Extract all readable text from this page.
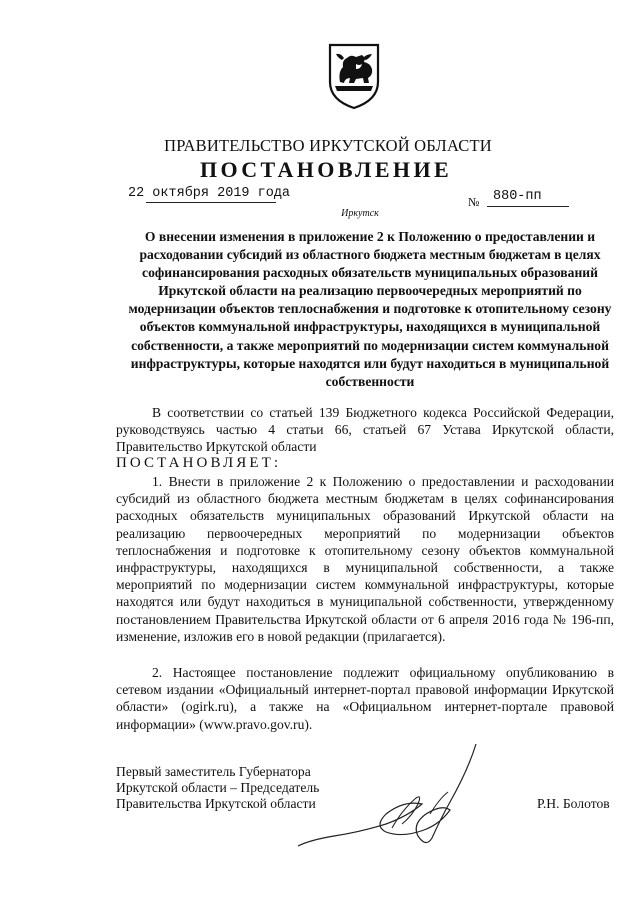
ПРАВИТЕЛЬСТВО ИРКУТСКОЙ ОБЛАСТИ
ПОСТАНОВЛЕНИЕ
22 октября 2019 года
№ 880-пп
Иркутск
О внесении изменения в приложение 2 к Положению о предоставлении и расходовании субсидий из областного бюджета местным бюджетам в целях софинансирования расходных обязательств муниципальных образований Иркутской области на реализацию первоочередных мероприятий по модернизации объектов теплоснабжения и подготовке к отопительному сезону объектов коммунальной инфраструктуры, находящихся в муниципальной собственности, а также мероприятий по модернизации систем коммунальной инфраструктуры, которые находятся или будут находиться в муниципальной собственности
В соответствии со статьей 139 Бюджетного кодекса Российской Федерации, руководствуясь частью 4 статьи 66, статьей 67 Устава Иркутской области, Правительство Иркутской области
ПОСТАНОВЛЯЕТ:
1. Внести в приложение 2 к Положению о предоставлении и расходовании субсидий из областного бюджета местным бюджетам в целях софинансирования расходных обязательств муниципальных образований Иркутской области на реализацию первоочередных мероприятий по модернизации объектов теплоснабжения и подготовке к отопительному сезону объектов коммунальной инфраструктуры, находящихся в муниципальной собственности, а также мероприятий по модернизации систем коммунальной инфраструктуры, которые находятся или будут находиться в муниципальной собственности, утвержденному постановлением Правительства Иркутской области от 6 апреля 2016 года № 196-пп, изменение, изложив его в новой редакции (прилагается).
2. Настоящее постановление подлежит официальному опубликованию в сетевом издании «Официальный интернет-портал правовой информации Иркутской области» (ogirk.ru), а также на «Официальном интернет-портале правовой информации» (www.pravo.gov.ru).
Первый заместитель Губернатора
Иркутской области – Председатель
Правительства Иркутской области	Р.Н. Болотов
